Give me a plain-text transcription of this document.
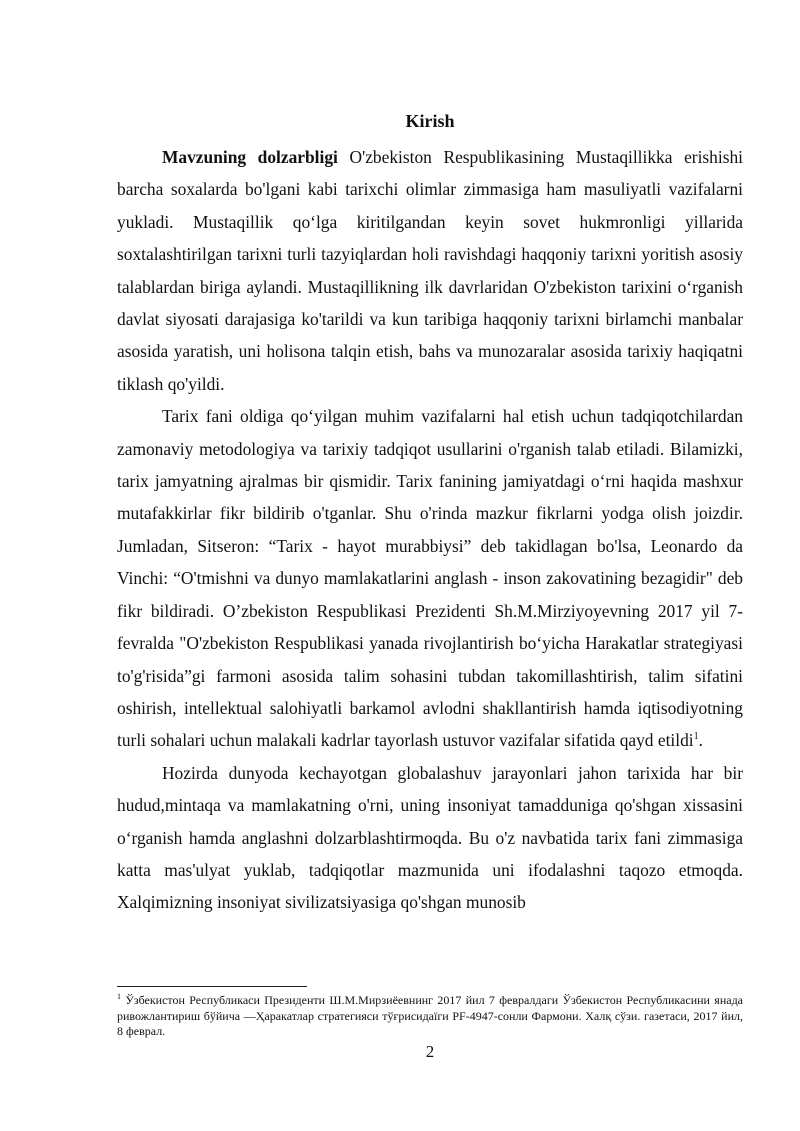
Kirish

Mavzuning dolzarbligi O'zbekiston Respublikasining Mustaqillikka erishishi barcha soxalarda bo'lgani kabi tarixchi olimlar zimmasiga ham masuliyatli vazifalarni yukladi. Mustaqillik qo‘lga kiritilgandan keyin sovet hukmronligi yillarida soxtalashtirilgan tarixni turli tazyiqlardan holi ravishdagi haqqoniy tarixni yoritish asosiy talablardan biriga aylandi. Mustaqillikning ilk davrlaridan O'zbekiston tarixini o‘rganish davlat siyosati darajasiga ko'tarildi va kun taribiga haqqoniy tarixni birlamchi manbalar asosida yaratish, uni holisona talqin etish, bahs va munozaralar asosida tarixiy haqiqatni tiklash qo'yildi.

Tarix fani oldiga qo‘yilgan muhim vazifalarni hal etish uchun tadqiqotchilardan zamonaviy metodologiya va tarixiy tadqiqot usullarini o'rganish talab etiladi. Bilamizki, tarix jamyatning ajralmas bir qismidir. Tarix fanining jamiyatdagi o‘rni haqida mashxur mutafakkirlar fikr bildirib o'tganlar. Shu o'rinda mazkur fikrlarni yodga olish joizdir. Jumladan, Sitseron: “Tarix - hayot murabbiysi” deb takidlagan bo'lsa, Leonardo da Vinchi: “O'tmishni va dunyo mamlakatlarini anglash - inson zakovatining bezagidir" deb fikr bildiradi. O’zbekiston Respublikasi Prezidenti Sh.M.Mirziyoyevning 2017 yil 7-fevralda "O'zbekiston Respublikasi yanada rivojlantirish bo‘yicha Harakatlar strategiyasi to'g'risida”gi farmoni asosida talim sohasini tubdan takomillashtirish, talim sifatini oshirish, intellektual salohiyatli barkamol avlodni shakllantirish hamda iqtisodiyotning turli sohalari uchun malakali kadrlar tayorlash ustuvor vazifalar sifatida qayd etildi$^1$.

Hozirda dunyoda kechayotgan globalashuv jarayonlari jahon tarixida har bir hudud,mintaqa va mamlakatning o'rni, uning insoniyat tamadduniga qo'shgan xissasini o‘rganish hamda anglashni dolzarblashtirmoqda. Bu o'z navbatida tarix fani zimmasiga katta mas'ulyat yuklab, tadqiqotlar mazmunida uni ifodalashni taqozo etmoqda. Xalqimizning insoniyat sivilizatsiyasiga qo'shgan munosib

$^1$ Ўзбекистон Республикаси Президенти Ш.М.Мирзиёевнинг 2017 йил 7 февралдаги Ўзбекистон Республикасини янада ривожлантириш бўйича —Ҳаракатлар стратегияси тўғрисидаїги PF-4947-сонли Фармони. Халқ сўзи. газетаси, 2017 йил, 8 феврал.
2
